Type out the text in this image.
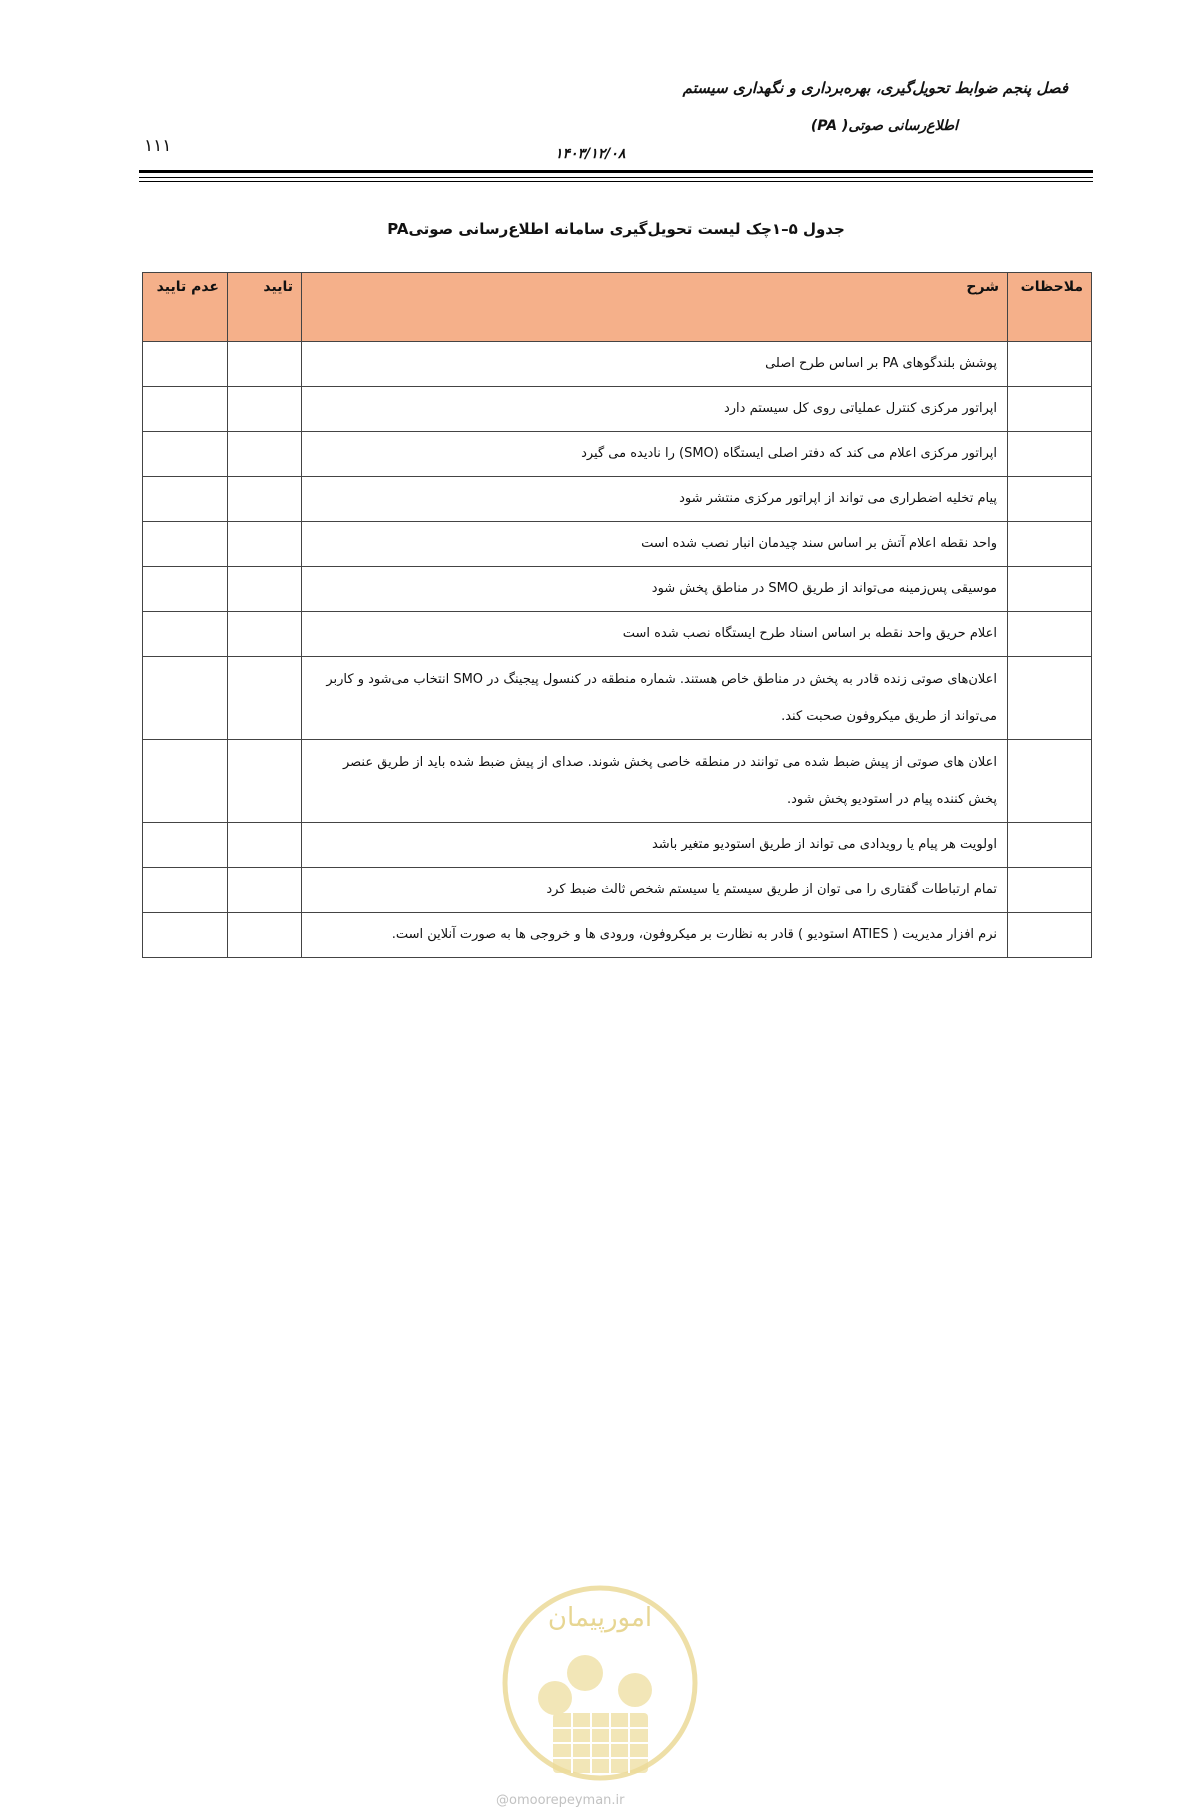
فصل پنجم ضوابط تحویل‌گیری، بهره‌برداری و نگهداری سیستم
اطلاع‌رسانی صوتی( PA)
۱۱۱	۱۴۰۳/۱۲/۰۸
جدول ۵–۱چک لیست تحویل‌گیری سامانه اطلاع‌رسانی صوتیPA
ملاحظات	شرح	تایید	عدم تایید
	پوشش بلندگوهای PA بر اساس طرح اصلی		
	اپراتور مرکزی کنترل عملیاتی روی کل سیستم دارد		
	اپراتور مرکزی اعلام می کند که دفتر اصلی ایستگاه (SMO) را نادیده می گیرد		
	پیام تخلیه اضطراری می تواند از اپراتور مرکزی منتشر شود		
	واحد نقطه اعلام آتش بر اساس سند چیدمان انبار نصب شده است		
	موسیقی پس‌زمینه می‌تواند از طریق SMO در مناطق پخش شود		
	اعلام حریق واحد نقطه بر اساس اسناد طرح ایستگاه نصب شده است		
	اعلان‌های صوتی زنده قادر به پخش در مناطق خاص هستند. شماره منطقه در کنسول پیجینگ در SMO انتخاب می‌شود و کاربر می‌تواند از طریق میکروفون صحبت کند.		
	اعلان های صوتی از پیش ضبط شده می توانند در منطقه خاصی پخش شوند. صدای از پیش ضبط شده باید از طریق عنصر پخش کننده پیام در استودیو پخش شود.		
	اولویت هر پیام یا رویدادی می تواند از طریق استودیو متغیر باشد		
	تمام ارتباطات گفتاری را می توان از طریق سیستم یا سیستم شخص ثالث ضبط کرد		
	نرم افزار مدیریت ( ATIES استودیو ) قادر به نظارت بر میکروفون، ورودی ها و خروجی ها به صورت آنلاین است.		
امورپیمان
@omoorepeyman.ir
